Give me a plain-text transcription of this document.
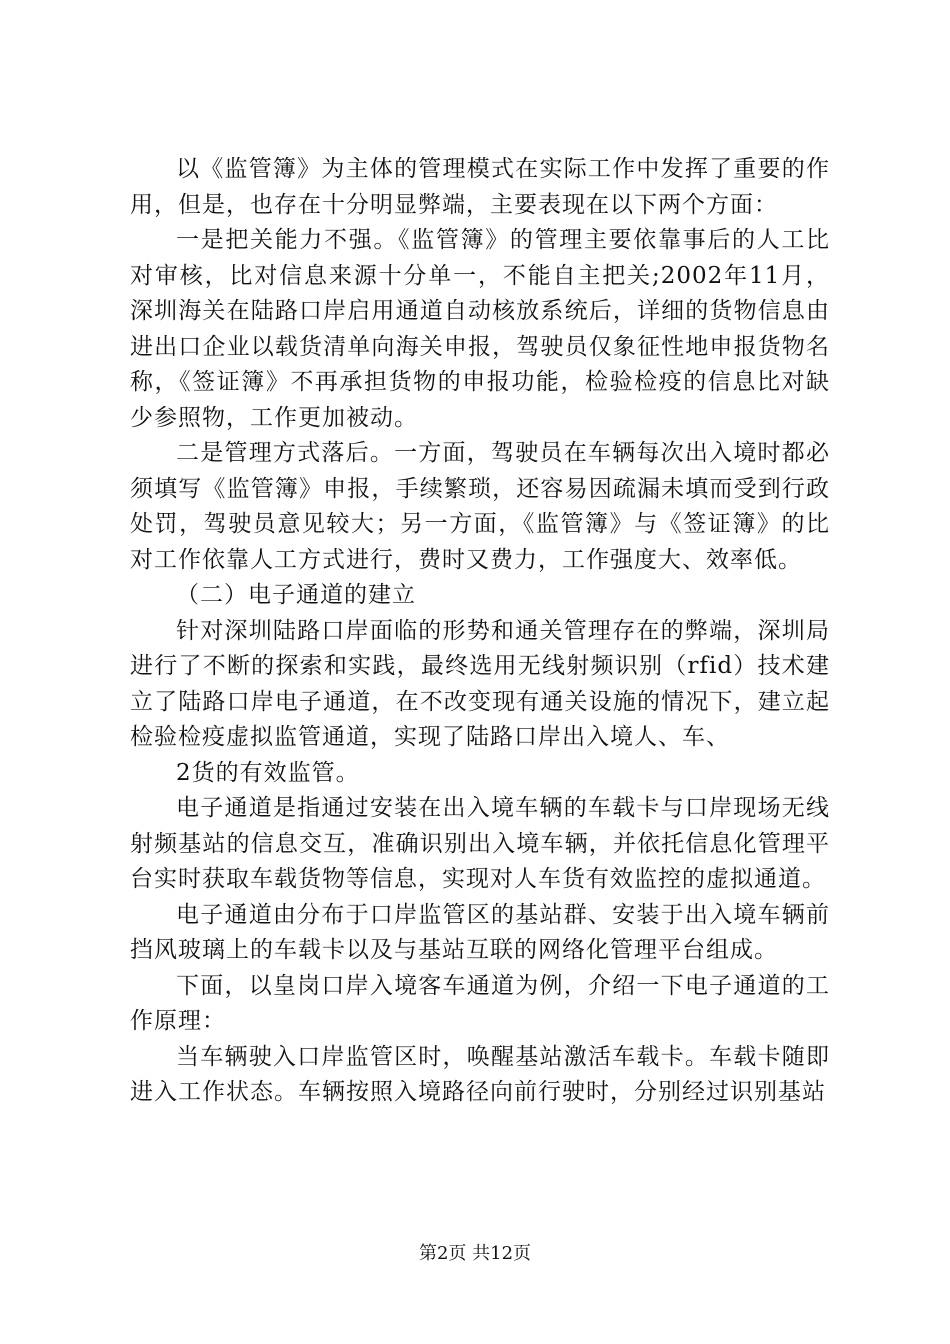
以《监管簿》为主体的管理模式在实际工作中发挥了重要的作用，但是，也存在十分明显弊端，主要表现在以下两个方面：

一是把关能力不强。《监管簿》的管理主要依靠事后的人工比对审核，比对信息来源十分单一，不能自主把关;2002年11月，深圳海关在陆路口岸启用通道自动核放系统后，详细的货物信息由进出口企业以载货清单向海关申报，驾驶员仅象征性地申报货物名称，《签证簿》不再承担货物的申报功能，检验检疫的信息比对缺少参照物，工作更加被动。

二是管理方式落后。一方面，驾驶员在车辆每次出入境时都必须填写《监管簿》申报，手续繁琐，还容易因疏漏未填而受到行政处罚，驾驶员意见较大；另一方面，《监管簿》与《签证簿》的比对工作依靠人工方式进行，费时又费力，工作强度大、效率低。

（二）电子通道的建立

针对深圳陆路口岸面临的形势和通关管理存在的弊端，深圳局进行了不断的探索和实践，最终选用无线射频识别（rfid）技术建立了陆路口岸电子通道，在不改变现有通关设施的情况下，建立起检验检疫虚拟监管通道，实现了陆路口岸出入境人、车、

2货的有效监管。

电子通道是指通过安装在出入境车辆的车载卡与口岸现场无线射频基站的信息交互，准确识别出入境车辆，并依托信息化管理平台实时获取车载货物等信息，实现对人车货有效监控的虚拟通道。

电子通道由分布于口岸监管区的基站群、安装于出入境车辆前挡风玻璃上的车载卡以及与基站互联的网络化管理平台组成。

下面，以皇岗口岸入境客车通道为例，介绍一下电子通道的工作原理：

当车辆驶入口岸监管区时，唤醒基站激活车载卡。车载卡随即进入工作状态。车辆按照入境路径向前行驶时，分别经过识别基站

第2页 共12页
